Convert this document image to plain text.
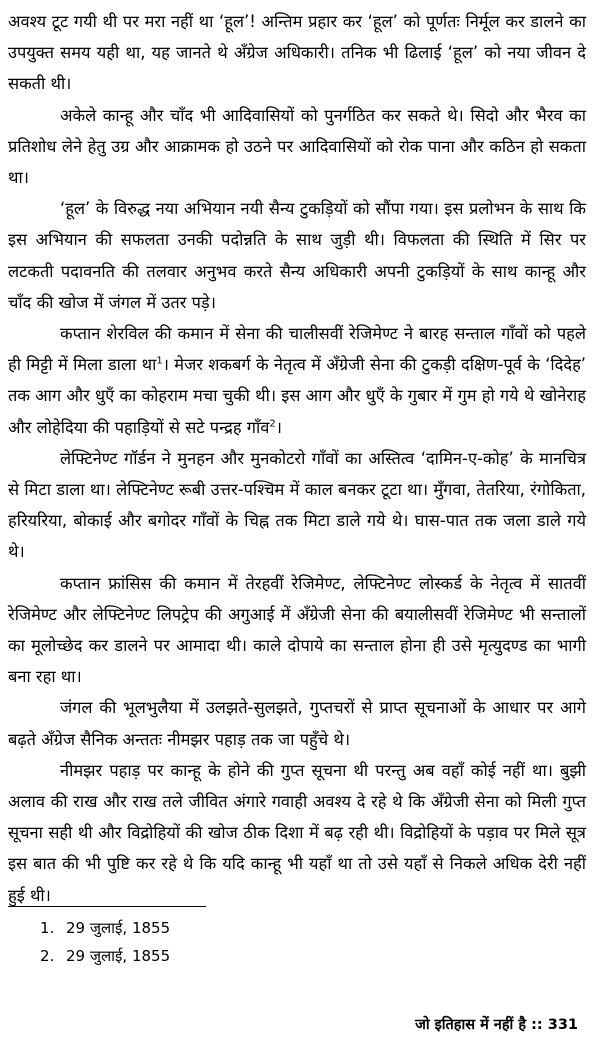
अवश्य टूट गयी थी पर मरा नहीं था ‘हूल’! अन्तिम प्रहार कर ‘हूल’ को पूर्णतः निर्मूल कर डालने का उपयुक्त समय यही था, यह जानते थे अँग्रेज अधिकारी। तनिक भी ढिलाई ‘हूल’ को नया जीवन दे सकती थी।

अकेले कान्हू और चाँद भी आदिवासियों को पुनर्गठित कर सकते थे। सिदो और भैरव का प्रतिशोध लेने हेतु उग्र और आक्रामक हो उठने पर आदिवासियों को रोक पाना और कठिन हो सकता था।

‘हूल’ के विरुद्ध नया अभियान नयी सैन्य टुकड़ियों को सौंपा गया। इस प्रलोभन के साथ कि इस अभियान की सफलता उनकी पदोन्नति के साथ जुड़ी थी। विफलता की स्थिति में सिर पर लटकती पदावनति की तलवार अनुभव करते सैन्य अधिकारी अपनी टुकड़ियों के साथ कान्हू और चाँद की खोज में जंगल में उतर पड़े।

कप्तान शेरविल की कमान में सेना की चालीसवीं रेजिमेण्ट ने बारह सन्ताल गाँवों को पहले ही मिट्टी में मिला डाला था$^1$। मेजर शकबर्ग के नेतृत्व में अँग्रेजी सेना की टुकड़ी दक्षिण-पूर्व के ‘दिदेह’ तक आग और धुएँ का कोहराम मचा चुकी थी। इस आग और धुएँ के गुबार में गुम हो गये थे खोनेराह और लोहेदिया की पहाड़ियों से सटे पन्द्रह गाँव$^2$।

लेफ्टिनेण्ट गॉर्डन ने मुनहन और मुनकोटरो गाँवों का अस्तित्व ‘दामिन-ए-कोह’ के मानचित्र से मिटा डाला था। लेफ्टिनेण्ट रूबी उत्तर-पश्चिम में काल बनकर टूटा था। मुँगवा, तेतरिया, रंगोकिता, हरियरिया, बोकाई और बगोदर गाँवों के चिह्न तक मिटा डाले गये थे। घास-पात तक जला डाले गये थे।

कप्तान फ्रांसिस की कमान में तेरहवीं रेजिमेण्ट, लेफ्टिनेण्ट लोस्कर्ड के नेतृत्व में सातवीं रेजिमेण्ट और लेफ्टिनेण्ट लिपट्रेप की अगुआई में अँग्रेजी सेना की बयालीसवीं रेजिमेण्ट भी सन्तालों का मूलोच्छेद कर डालने पर आमादा थी। काले दोपाये का सन्ताल होना ही उसे मृत्युदण्ड का भागी बना रहा था।

जंगल की भूलभुलैया में उलझते-सुलझते, गुप्तचरों से प्राप्त सूचनाओं के आधार पर आगे बढ़ते अँग्रेज सैनिक अन्ततः नीमझर पहाड़ तक जा पहुँचे थे।

नीमझर पहाड़ पर कान्हू के होने की गुप्त सूचना थी परन्तु अब वहाँ कोई नहीं था। बुझी अलाव की राख और राख तले जीवित अंगारे गवाही अवश्य दे रहे थे कि अँग्रेजी सेना को मिली गुप्त सूचना सही थी और विद्रोहियों की खोज ठीक दिशा में बढ़ रही थी। विद्रोहियों के पड़ाव पर मिले सूत्र इस बात की भी पुष्टि कर रहे थे कि यदि कान्हू भी यहाँ था तो उसे यहाँ से निकले अधिक देरी नहीं हुई थी।

1. 29 जुलाई, 1855
2. 29 जुलाई, 1855
जो इतिहास में नहीं है :: 331
